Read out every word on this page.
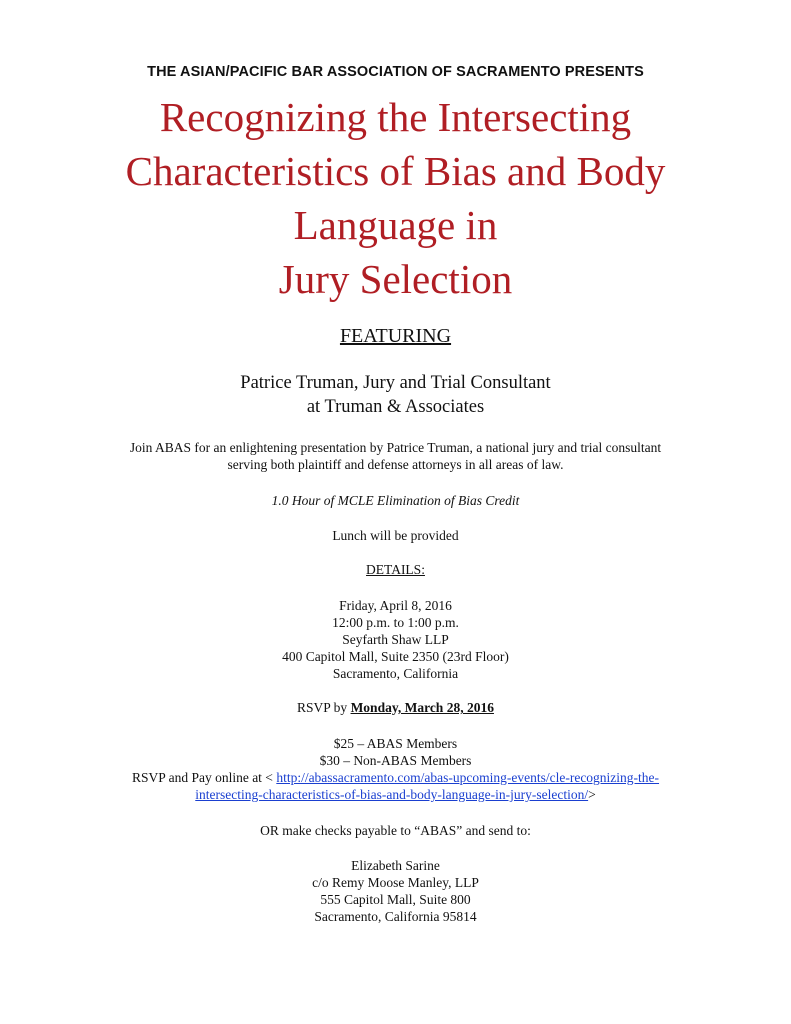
THE ASIAN/PACIFIC BAR ASSOCIATION OF SACRAMENTO PRESENTS
Recognizing the Intersecting
Characteristics of Bias and Body
Language in
Jury Selection
FEATURING
Patrice Truman, Jury and Trial Consultant
at Truman & Associates
Join ABAS for an enlightening presentation by Patrice Truman, a national jury and trial consultant
serving both plaintiff and defense attorneys in all areas of law.
1.0 Hour of MCLE Elimination of Bias Credit
Lunch will be provided
DETAILS:
Friday, April 8, 2016
12:00 p.m. to 1:00 p.m.
Seyfarth Shaw LLP
400 Capitol Mall, Suite 2350 (23rd Floor)
Sacramento, California
RSVP by Monday, March 28, 2016
$25 – ABAS Members
$30 – Non-ABAS Members
RSVP and Pay online at < http://abassacramento.com/abas-upcoming-events/cle-recognizing-the-
intersecting-characteristics-of-bias-and-body-language-in-jury-selection/>
OR make checks payable to “ABAS” and send to:
Elizabeth Sarine
c/o Remy Moose Manley, LLP
555 Capitol Mall, Suite 800
Sacramento, California 95814
